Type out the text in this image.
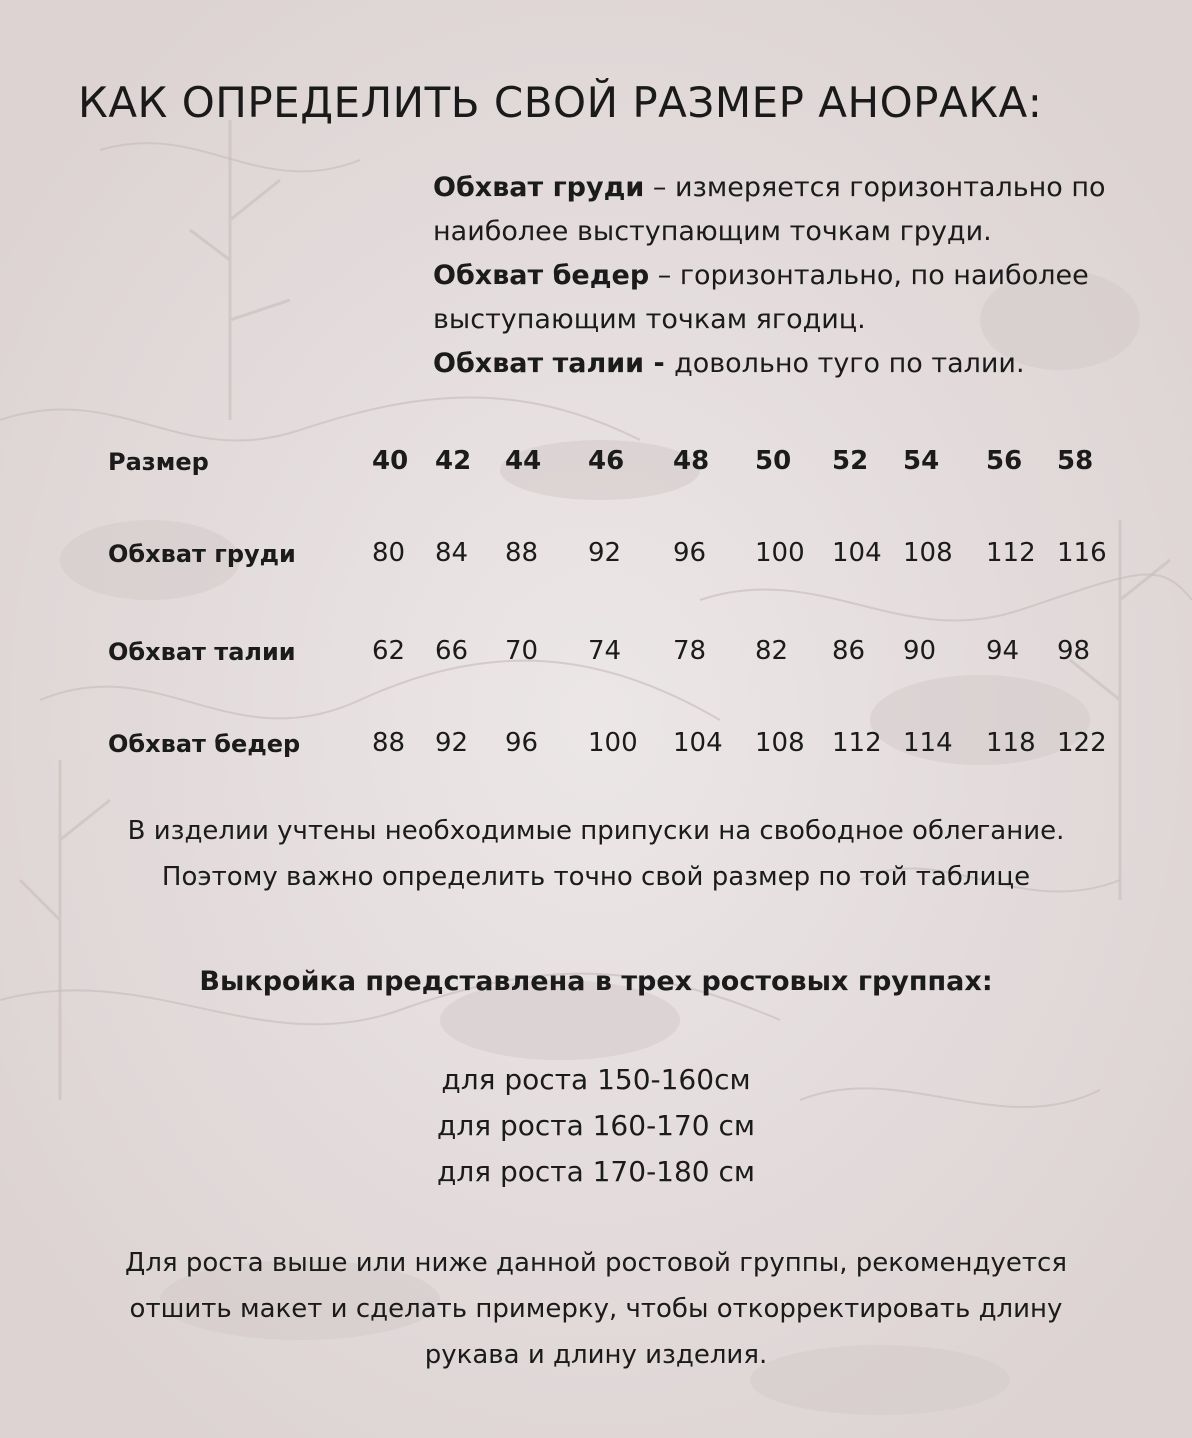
КАК ОПРЕДЕЛИТЬ СВОЙ РАЗМЕР АНОРАКА:
Обхват груди – измеряется горизонтально по
наиболее выступающим точкам груди.
Обхват бедер – горизонтально, по наиболее
выступающим точкам ягодиц.
Обхват талии - довольно туго по талии.
Размер	40 42 44 46 48 50 52 54 56 58
Обхват груди	80 84 88 92 96 100 104 108 112 116
Обхват талии	62 66 70 74 78 82 86 90 94 98
Обхват бедер	88 92 96 100 104 108 112 114 118 122
В изделии учтены необходимые припуски на свободное облегание.
Поэтому важно определить точно свой размер по той таблице
Выкройка представлена в трех ростовых группах:
для роста 150-160см
для роста 160-170 см
для роста 170-180 см
Для роста выше или ниже данной ростовой группы, рекомендуется
отшить макет и сделать примерку, чтобы откорректировать длину
рукава и длину изделия.
